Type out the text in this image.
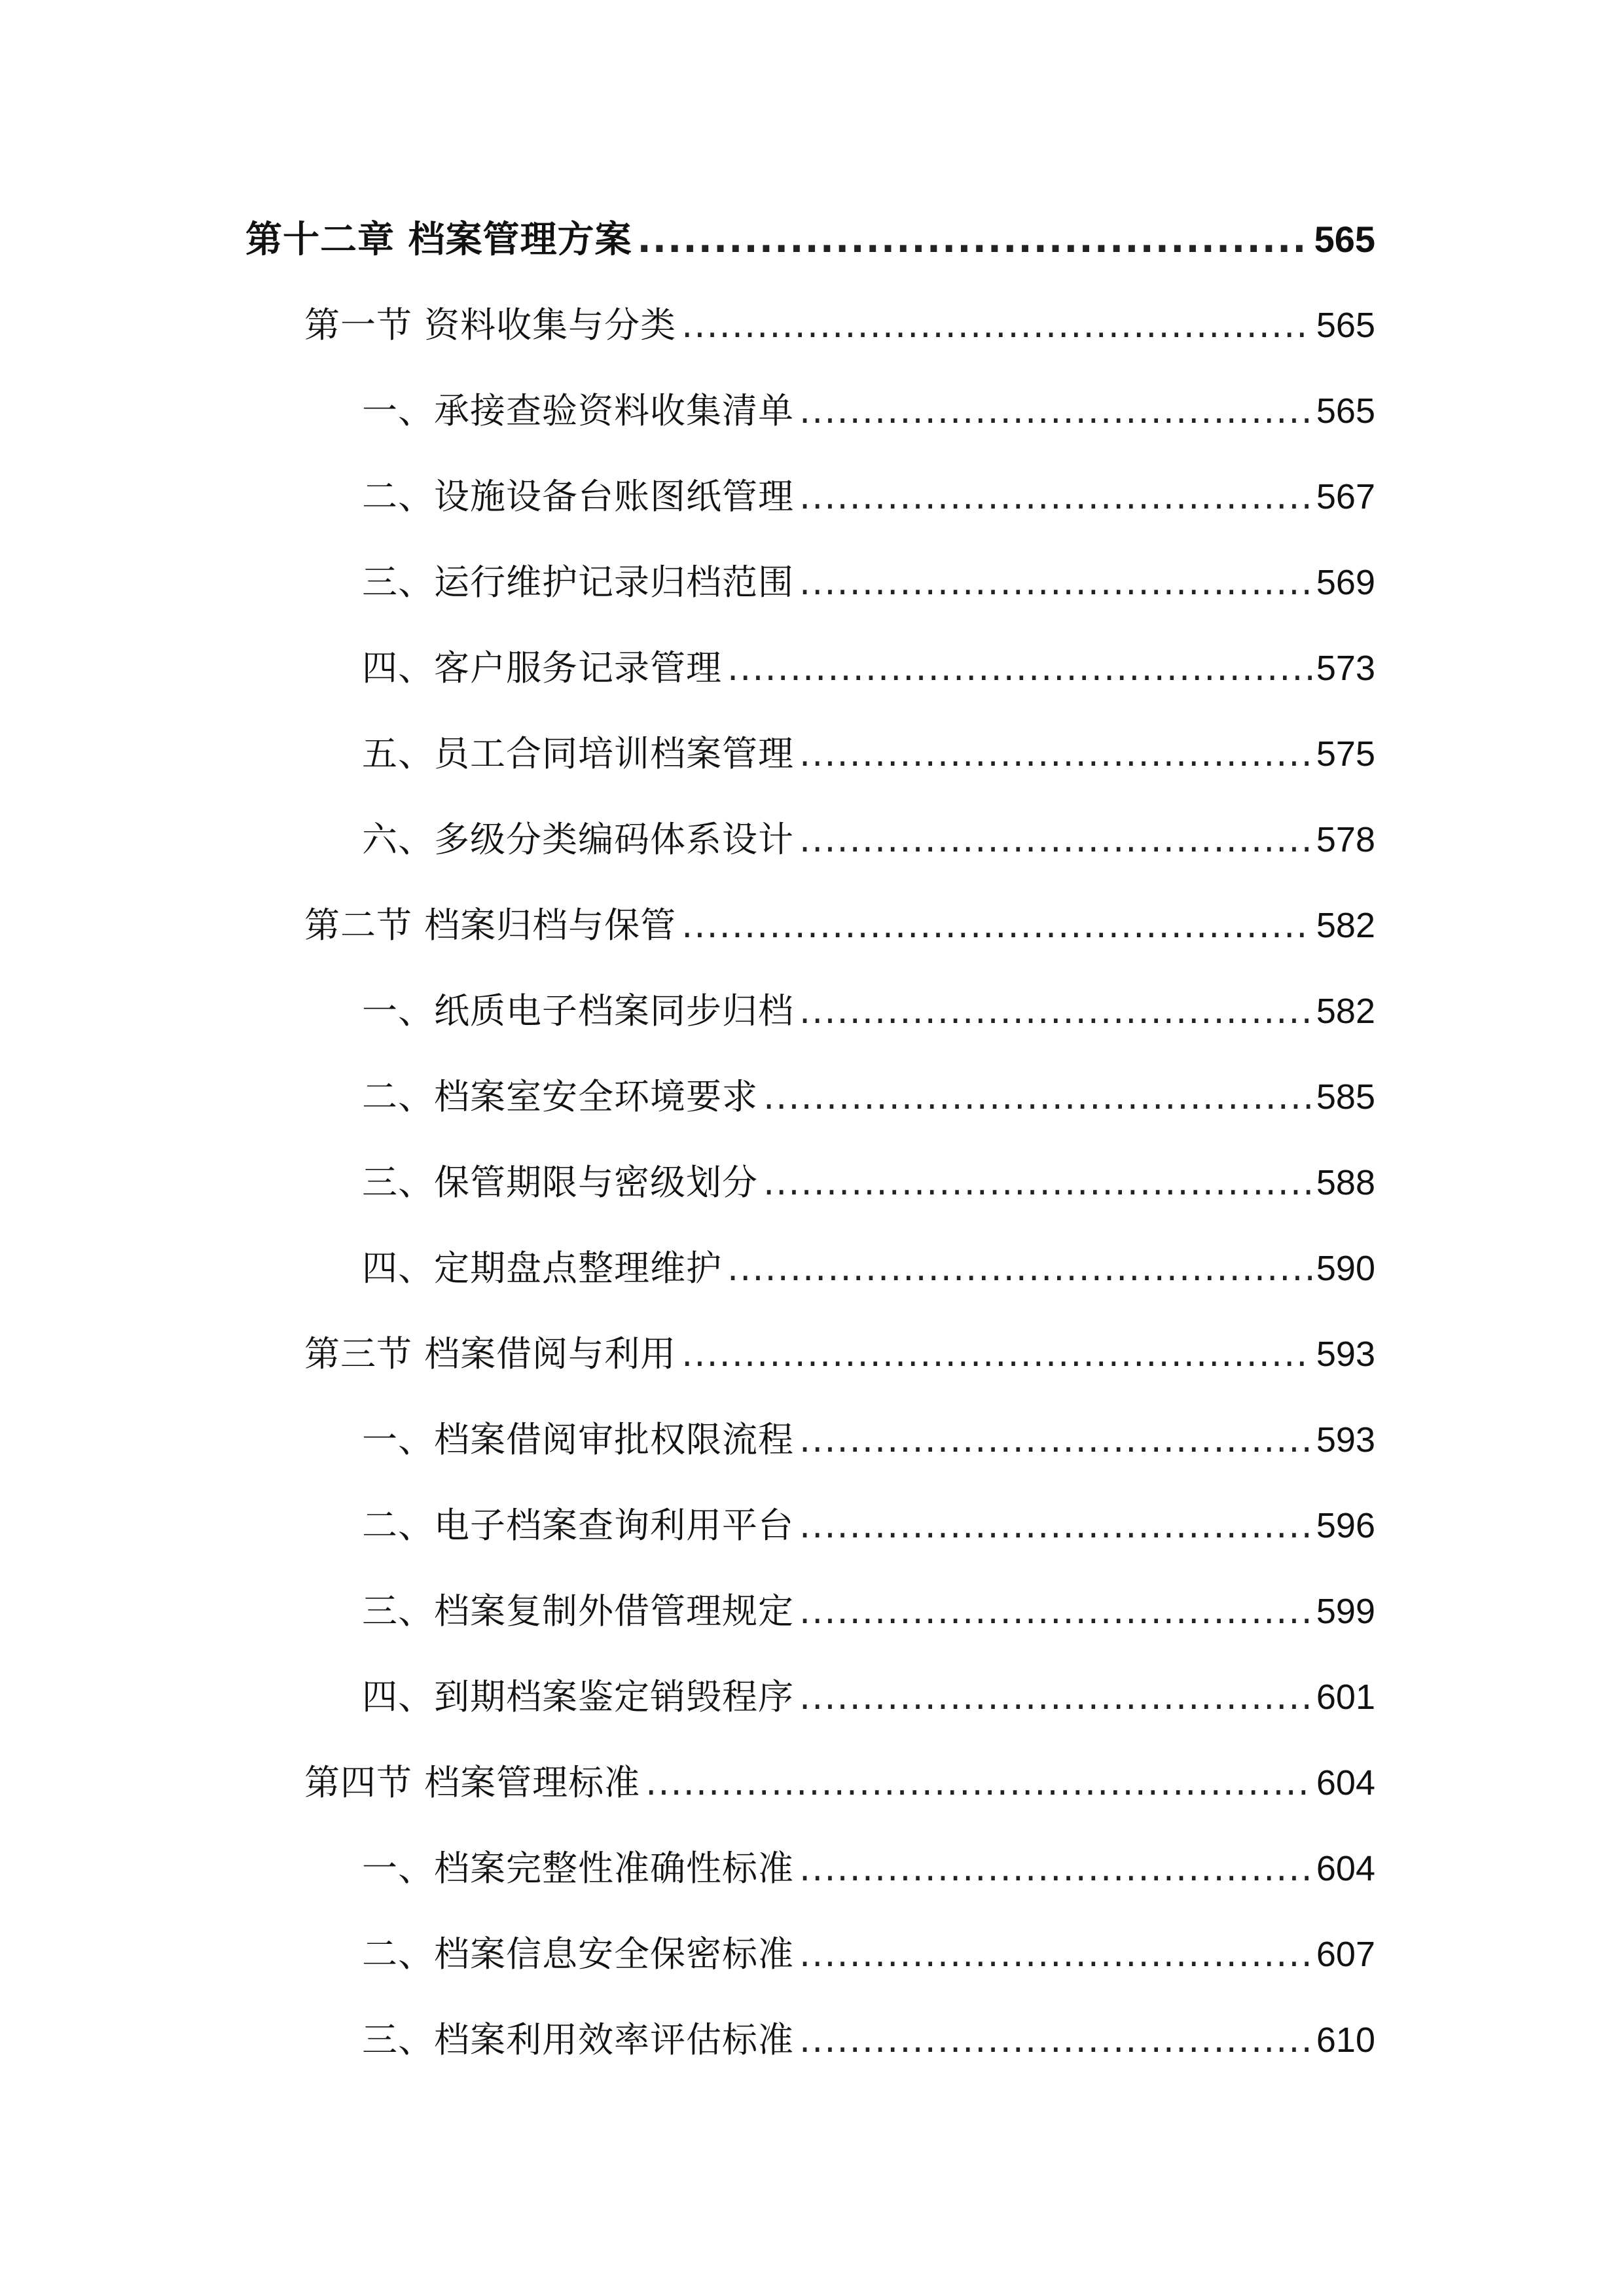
第十二章 档案管理方案 .....	565
第一节 资料收集与分类 .....	565
一、承接查验资料收集清单 .....	565
二、设施设备台账图纸管理 .....	567
三、运行维护记录归档范围 .....	569
四、客户服务记录管理 .....	573
五、员工合同培训档案管理 .....	575
六、多级分类编码体系设计 .....	578
第二节 档案归档与保管 .....	582
一、纸质电子档案同步归档 .....	582
二、档案室安全环境要求 .....	585
三、保管期限与密级划分 .....	588
四、定期盘点整理维护 .....	590
第三节 档案借阅与利用 .....	593
一、档案借阅审批权限流程 .....	593
二、电子档案查询利用平台 .....	596
三、档案复制外借管理规定 .....	599
四、到期档案鉴定销毁程序 .....	601
第四节 档案管理标准 .....	604
一、档案完整性准确性标准 .....	604
二、档案信息安全保密标准 .....	607
三、档案利用效率评估标准 .....	610
